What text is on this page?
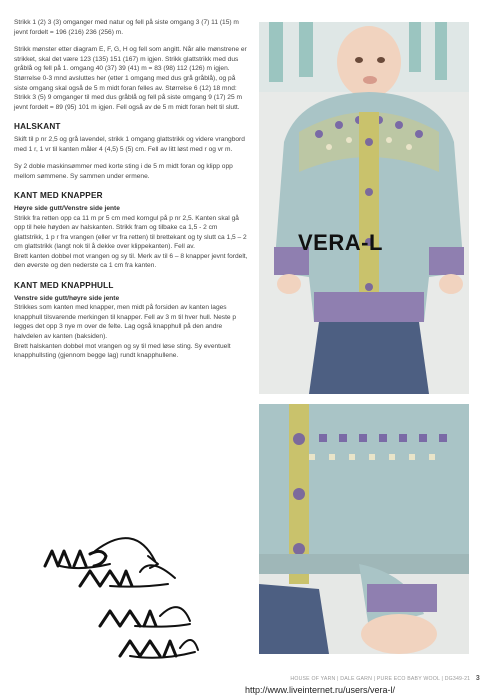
Strikk 1 (2) 3 (3) omganger med natur og fell på siste omgang 3 (7) 11 (15) m jevnt fordelt = 196 (216) 236 (256) m.

Strikk mønster etter diagram E, F, G, H og fell som angitt. Når alle mønstrene er strikket, skal det være 123 (135) 151 (167) m igjen. Strikk glattstrikk med dus gråblå og fell på 1. omgang 40 (37) 39 (41) m = 83 (98) 112 (126) m igjen. Størrelse 0-3 mnd avsluttes her (etter 1 omgang med dus grå gråblå), og på siste omgang skal også de 5 m midt foran felles av. Størrelse 6 (12) 18 mnd: Strikk 3 (5) 9 omganger til med dus gråblå og fell på siste omgang 9 (17) 25 m jevnt fordelt = 89 (95) 101 m igjen. Fell også av de 5 m midt foran helt til slutt.

HALSKANT

Skift til p nr 2,5 og grå lavendel, strikk 1 omgang glattstrikk og videre vrangbord med 1 r, 1 vr til kanten måler 4 (4,5) 5 (5) cm. Fell av litt løst med r og vr m.

Sy 2 doble maskinsømmer med korte sting i de 5 m midt foran og klipp opp mellom sømmene. Sy sammen under ermene.

KANT MED KNAPPER

Høyre side gutt/Venstre side jente

Strikk fra retten opp ca 11 m pr 5 cm med korngul på p nr 2,5. Kanten skal gå opp til hele høyden av halskanten. Strikk fram og tilbake ca 1,5 - 2 cm glattstrikk, 1 p r fra vrangen (eller vr fra retten) til brettekant og ty slutt ca 1,5 – 2 cm glattstrikk (langt nok til å dekke over klippekanten). Fell av.

Brett kanten dobbel mot vrangen og sy til. Merk av til 6 – 8 knapper jevnt fordelt, den øverste og den nederste ca 1 cm fra kanten.

KANT MED KNAPPHULL

Venstre side gutt/høyre side jente

Strikkes som kanten med knapper, men midt på forsiden av kanten lages knapphull tilsvarende merkingen til knapper. Fell av 3 m til hver hull. Neste p legges det opp 3 nye m over de felte. Lag også knapphull på den andre halvdelen av kanten (baksiden).

Brett halskanten dobbel mot vrangen og sy til med løse sting. Sy eventuelt knapphullsting (gjennom begge lag) rundt knapphullene.

VERA-L
HOUSE OF YARN | DALE GARN | PURE ECO BABY WOOL | DG349-21 3
http://www.liveinternet.ru/users/vera-l/
